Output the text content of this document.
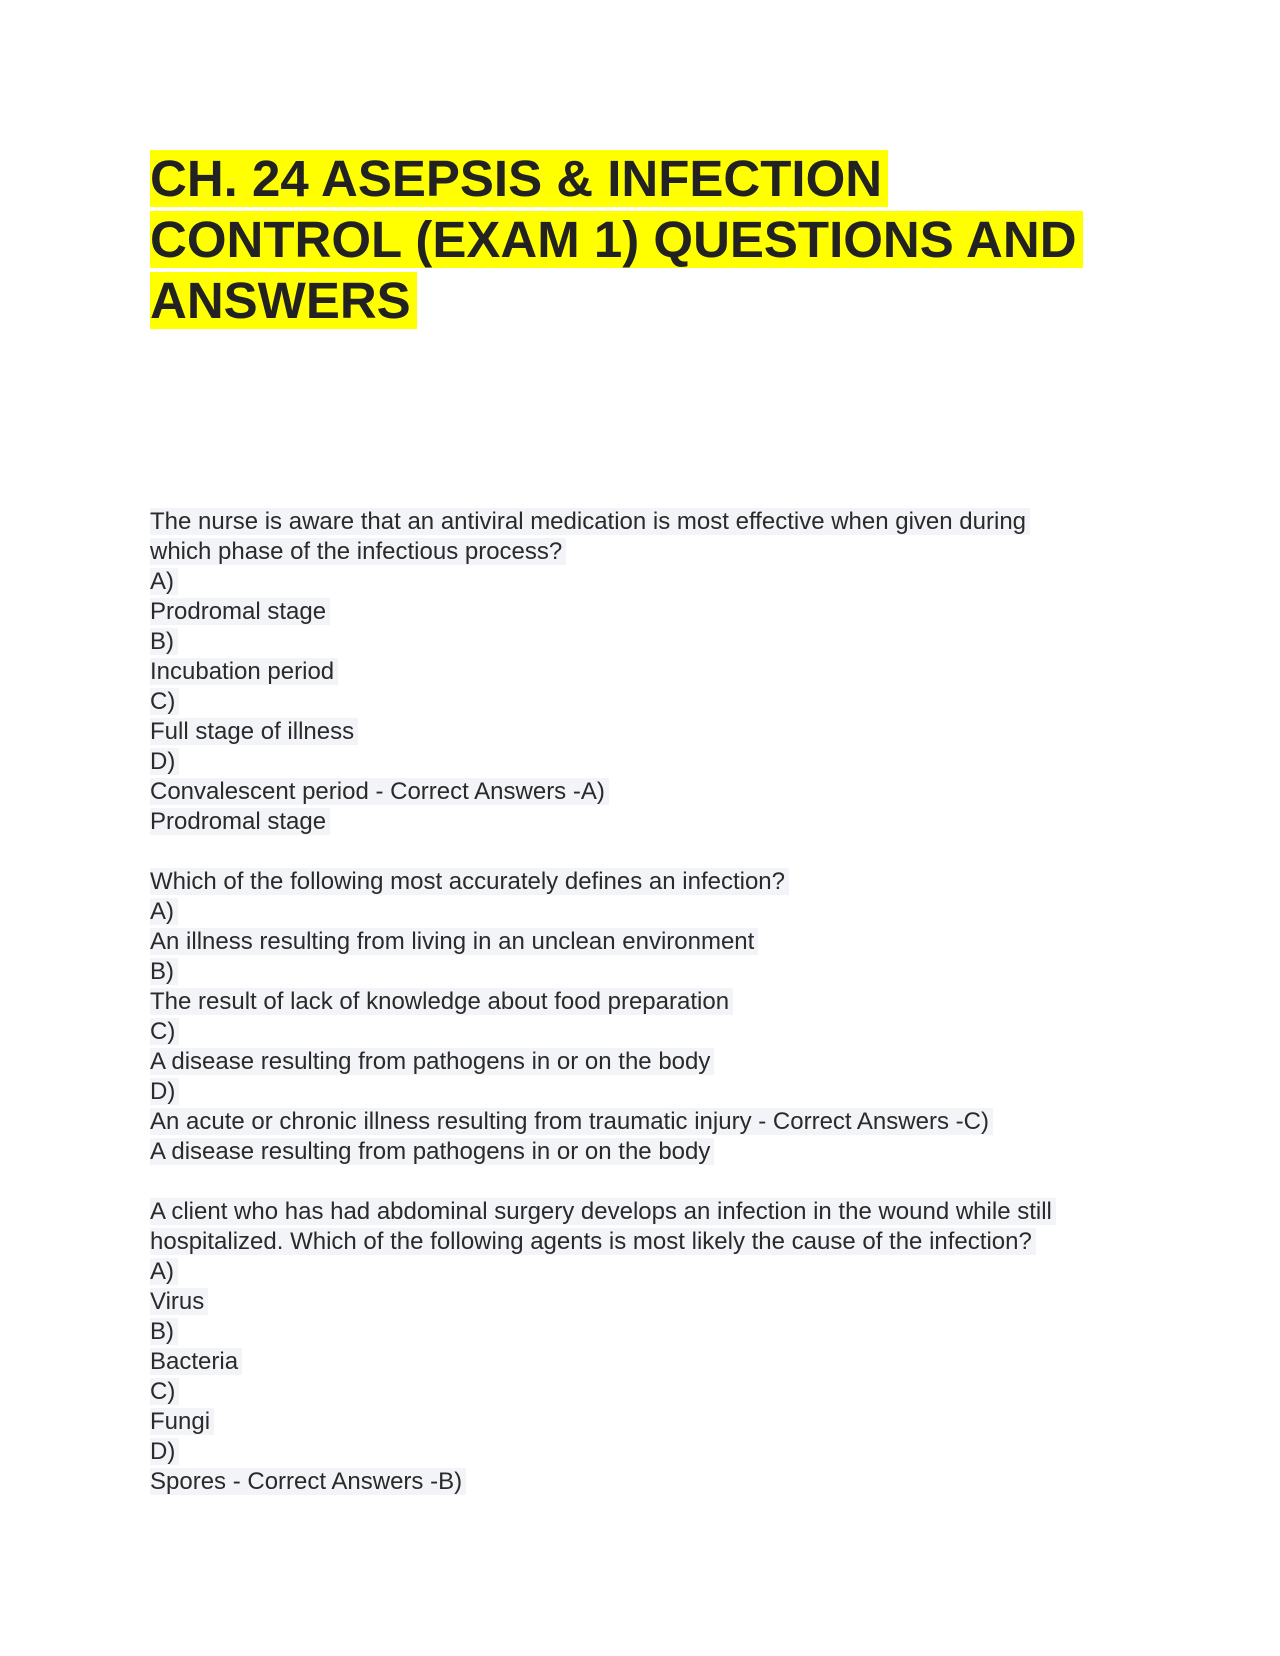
CH. 24 ASEPSIS & INFECTION
CONTROL (EXAM 1) QUESTIONS AND
ANSWERS
The nurse is aware that an antiviral medication is most effective when given during
which phase of the infectious process?
A)
Prodromal stage
B)
Incubation period
C)
Full stage of illness
D)
Convalescent period - Correct Answers -A)
Prodromal stage
Which of the following most accurately defines an infection?
A)
An illness resulting from living in an unclean environment
B)
The result of lack of knowledge about food preparation
C)
A disease resulting from pathogens in or on the body
D)
An acute or chronic illness resulting from traumatic injury - Correct Answers -C)
A disease resulting from pathogens in or on the body
A client who has had abdominal surgery develops an infection in the wound while still
hospitalized. Which of the following agents is most likely the cause of the infection?
A)
Virus
B)
Bacteria
C)
Fungi
D)
Spores - Correct Answers -B)
